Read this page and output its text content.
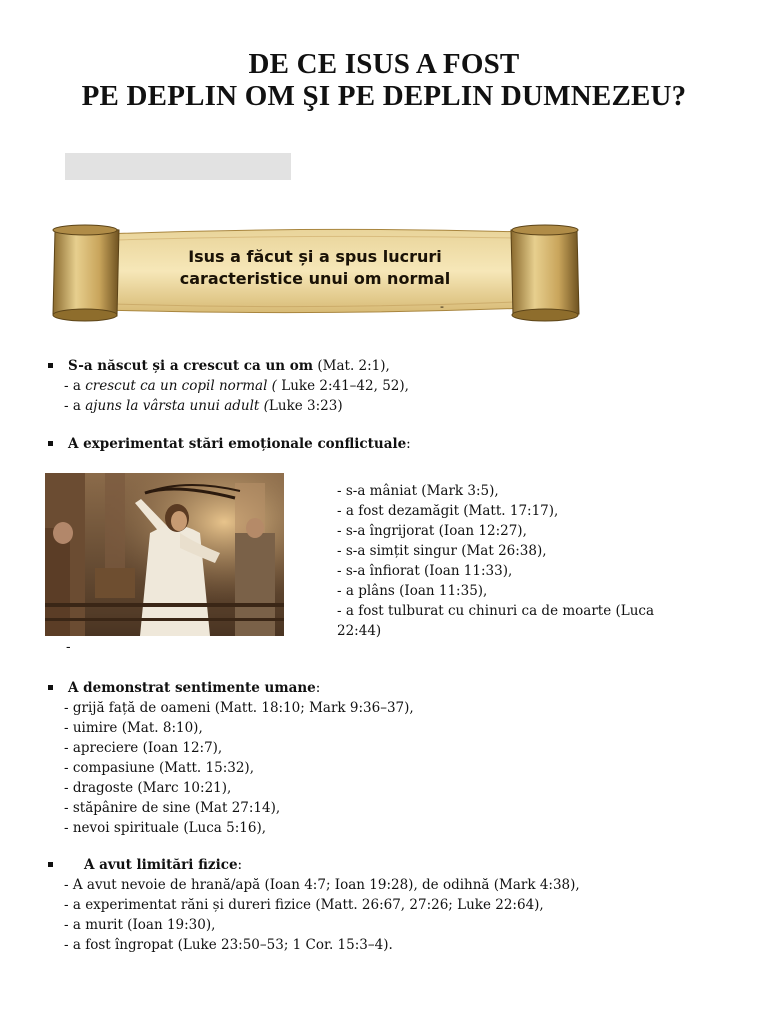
DE CE ISUS A FOST
PE DEPLIN OM ŞI PE DEPLIN DUMNEZEU?
Isus a făcut și a spus lucruri
caracteristice unui om normal
-
S-a născut și a crescut ca un om (Mat. 2:1),
- a crescut ca un copil normal ( Luke 2:41–42, 52),
- a ajuns la vârsta unui adult (Luke 3:23)
A experimentat stări emoționale conflictuale:
- s-a mâniat (Mark 3:5),
- a fost dezamăgit (Matt. 17:17),
- s-a îngrijorat (Ioan 12:27),
- s-a simțit singur (Mat 26:38),
- s-a înfiorat (Ioan 11:33),
- a plâns (Ioan 11:35),
- a fost tulburat cu chinuri ca de moarte (Luca 22:44)
-
A demonstrat sentimente umane:
- grijă față de oameni (Matt. 18:10; Mark 9:36–37),
- uimire (Mat. 8:10),
- apreciere (Ioan 12:7),
- compasiune (Matt. 15:32),
- dragoste (Marc 10:21),
- stăpânire de sine (Mat 27:14),
- nevoi spirituale (Luca 5:16),
A avut limitări fizice:
- A avut nevoie de hrană/apă (Ioan 4:7; Ioan 19:28), de odihnă (Mark 4:38),
- a experimentat răni și dureri fizice (Matt. 26:67, 27:26; Luke 22:64),
- a murit (Ioan 19:30),
- a fost îngropat (Luke 23:50–53; 1 Cor. 15:3–4).
